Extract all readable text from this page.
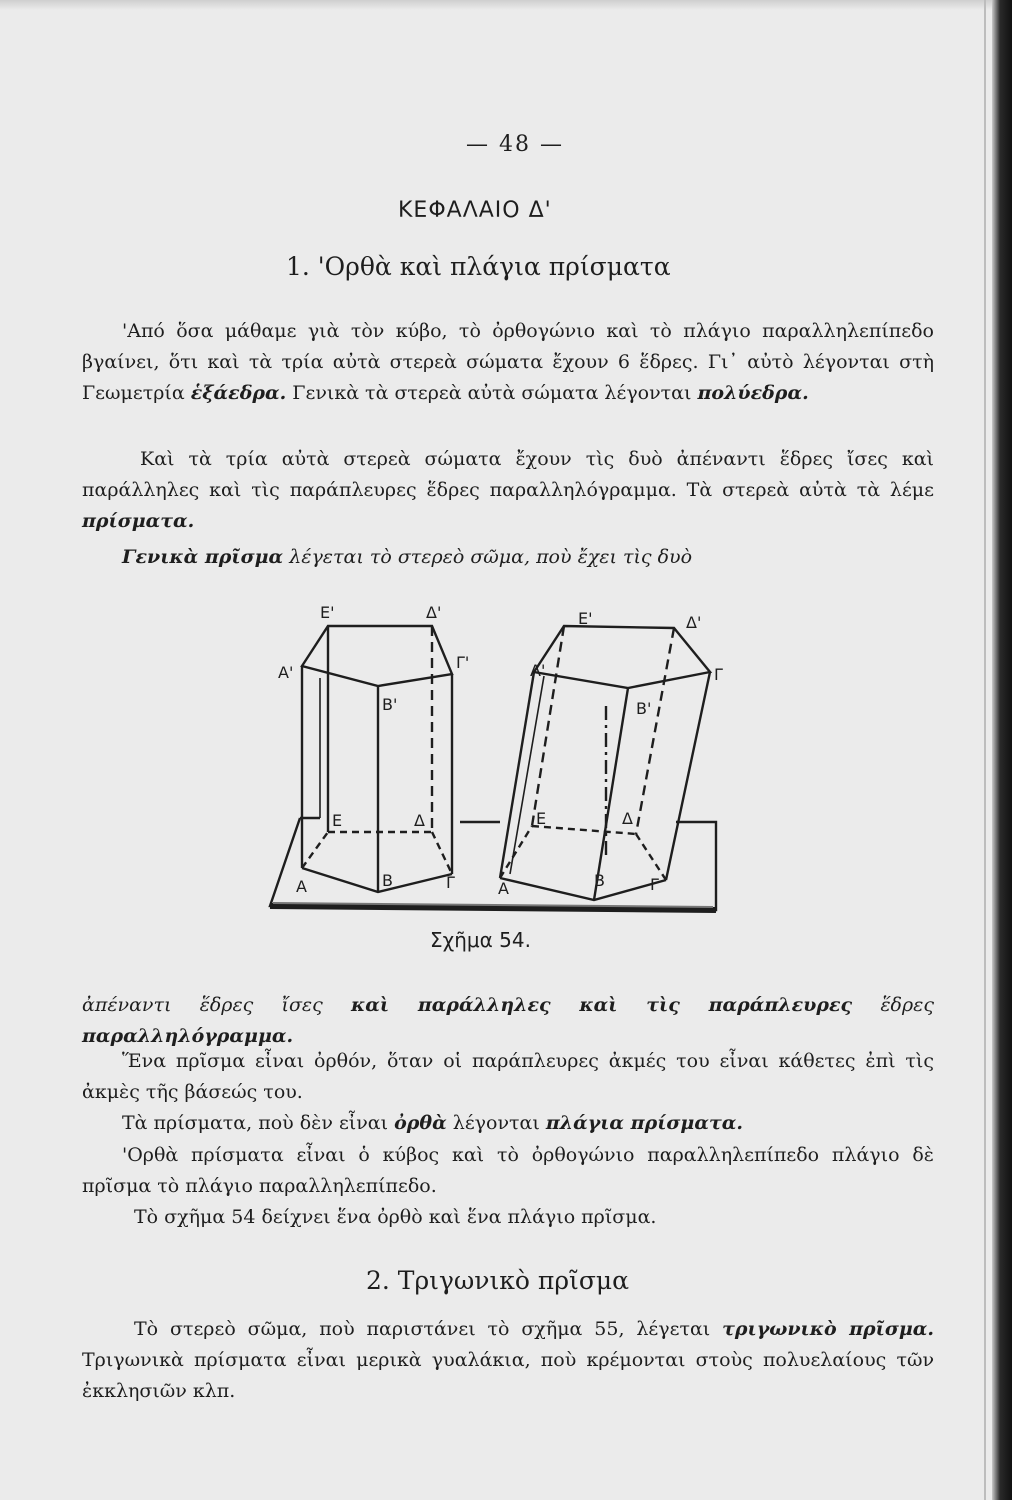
— 48 —
ΚΕΦΑΛΑΙΟ Δ'
1. 'Ορθὰ καὶ πλάγια πρίσματα

'Από ὅσα μάθαμε γιὰ τὸν κύβο, τὸ ὀρθογώνιο καὶ τὸ πλάγιο παραλληλεπίπεδο βγαίνει, ὅτι καὶ τὰ τρία αὐτὰ στερεὰ σώματα ἔχουν 6 ἕδρες. Γι᾽ αὐτὸ λέγονται στὴ Γεωμετρία ἑξάεδρα. Γενικὰ τὰ στερεὰ αὐτὰ σώματα λέγονται πολύεδρα.

Καὶ τὰ τρία αὐτὰ στερεὰ σώματα ἔχουν τὶς δυὸ ἀπέναντι ἕδρες ἴσες καὶ παράλληλες καὶ τὶς παράπλευρες ἕδρες παραλληλόγραμμα. Τὰ στερεὰ αὐτὰ τὰ λέμε πρίσματα.

Γενικὰ πρῖσμα λέγεται τὸ στερεὸ σῶμα, ποὺ ἔχει τὶς δυὸ

Ε'	Δ'
Α'
Γ'
Β'
Ε	Δ
Α	Β	Γ
Ε'	Δ'
Α'	Γ
Β'
Ε	Δ
Α	Β	Γ
Σχῆμα 54.

ἀπέναντι ἕδρες ἴσες καὶ παράλληλες καὶ τὶς παράπλευρες ἕδρες παραλληλόγραμμα.

Ἕνα πρῖσμα εἶναι ὀρθόν, ὅταν οἱ παράπλευρες ἀκμές του εἶναι κάθετες ἐπὶ τὶς ἀκμὲς τῆς βάσεώς του.

Τὰ πρίσματα, ποὺ δὲν εἶναι ὀρθὰ λέγονται πλάγια πρίσματα.

'Ορθὰ πρίσματα εἶναι ὁ κύβος καὶ τὸ ὀρθογώνιο παραλληλεπίπεδο πλάγιο δὲ πρῖσμα τὸ πλάγιο παραλληλεπίπεδο.

Τὸ σχῆμα 54 δείχνει ἕνα ὀρθὸ καὶ ἕνα πλάγιο πρῖσμα.

2. Τριγωνικὸ πρῖσμα

Τὸ στερεὸ σῶμα, ποὺ παριστάνει τὸ σχῆμα 55, λέγεται τριγωνικὸ πρῖσμα. Τριγωνικὰ πρίσματα εἶναι μερικὰ γυαλάκια, ποὺ κρέμονται στοὺς πολυελαίους τῶν ἐκκλησιῶν κλπ.
